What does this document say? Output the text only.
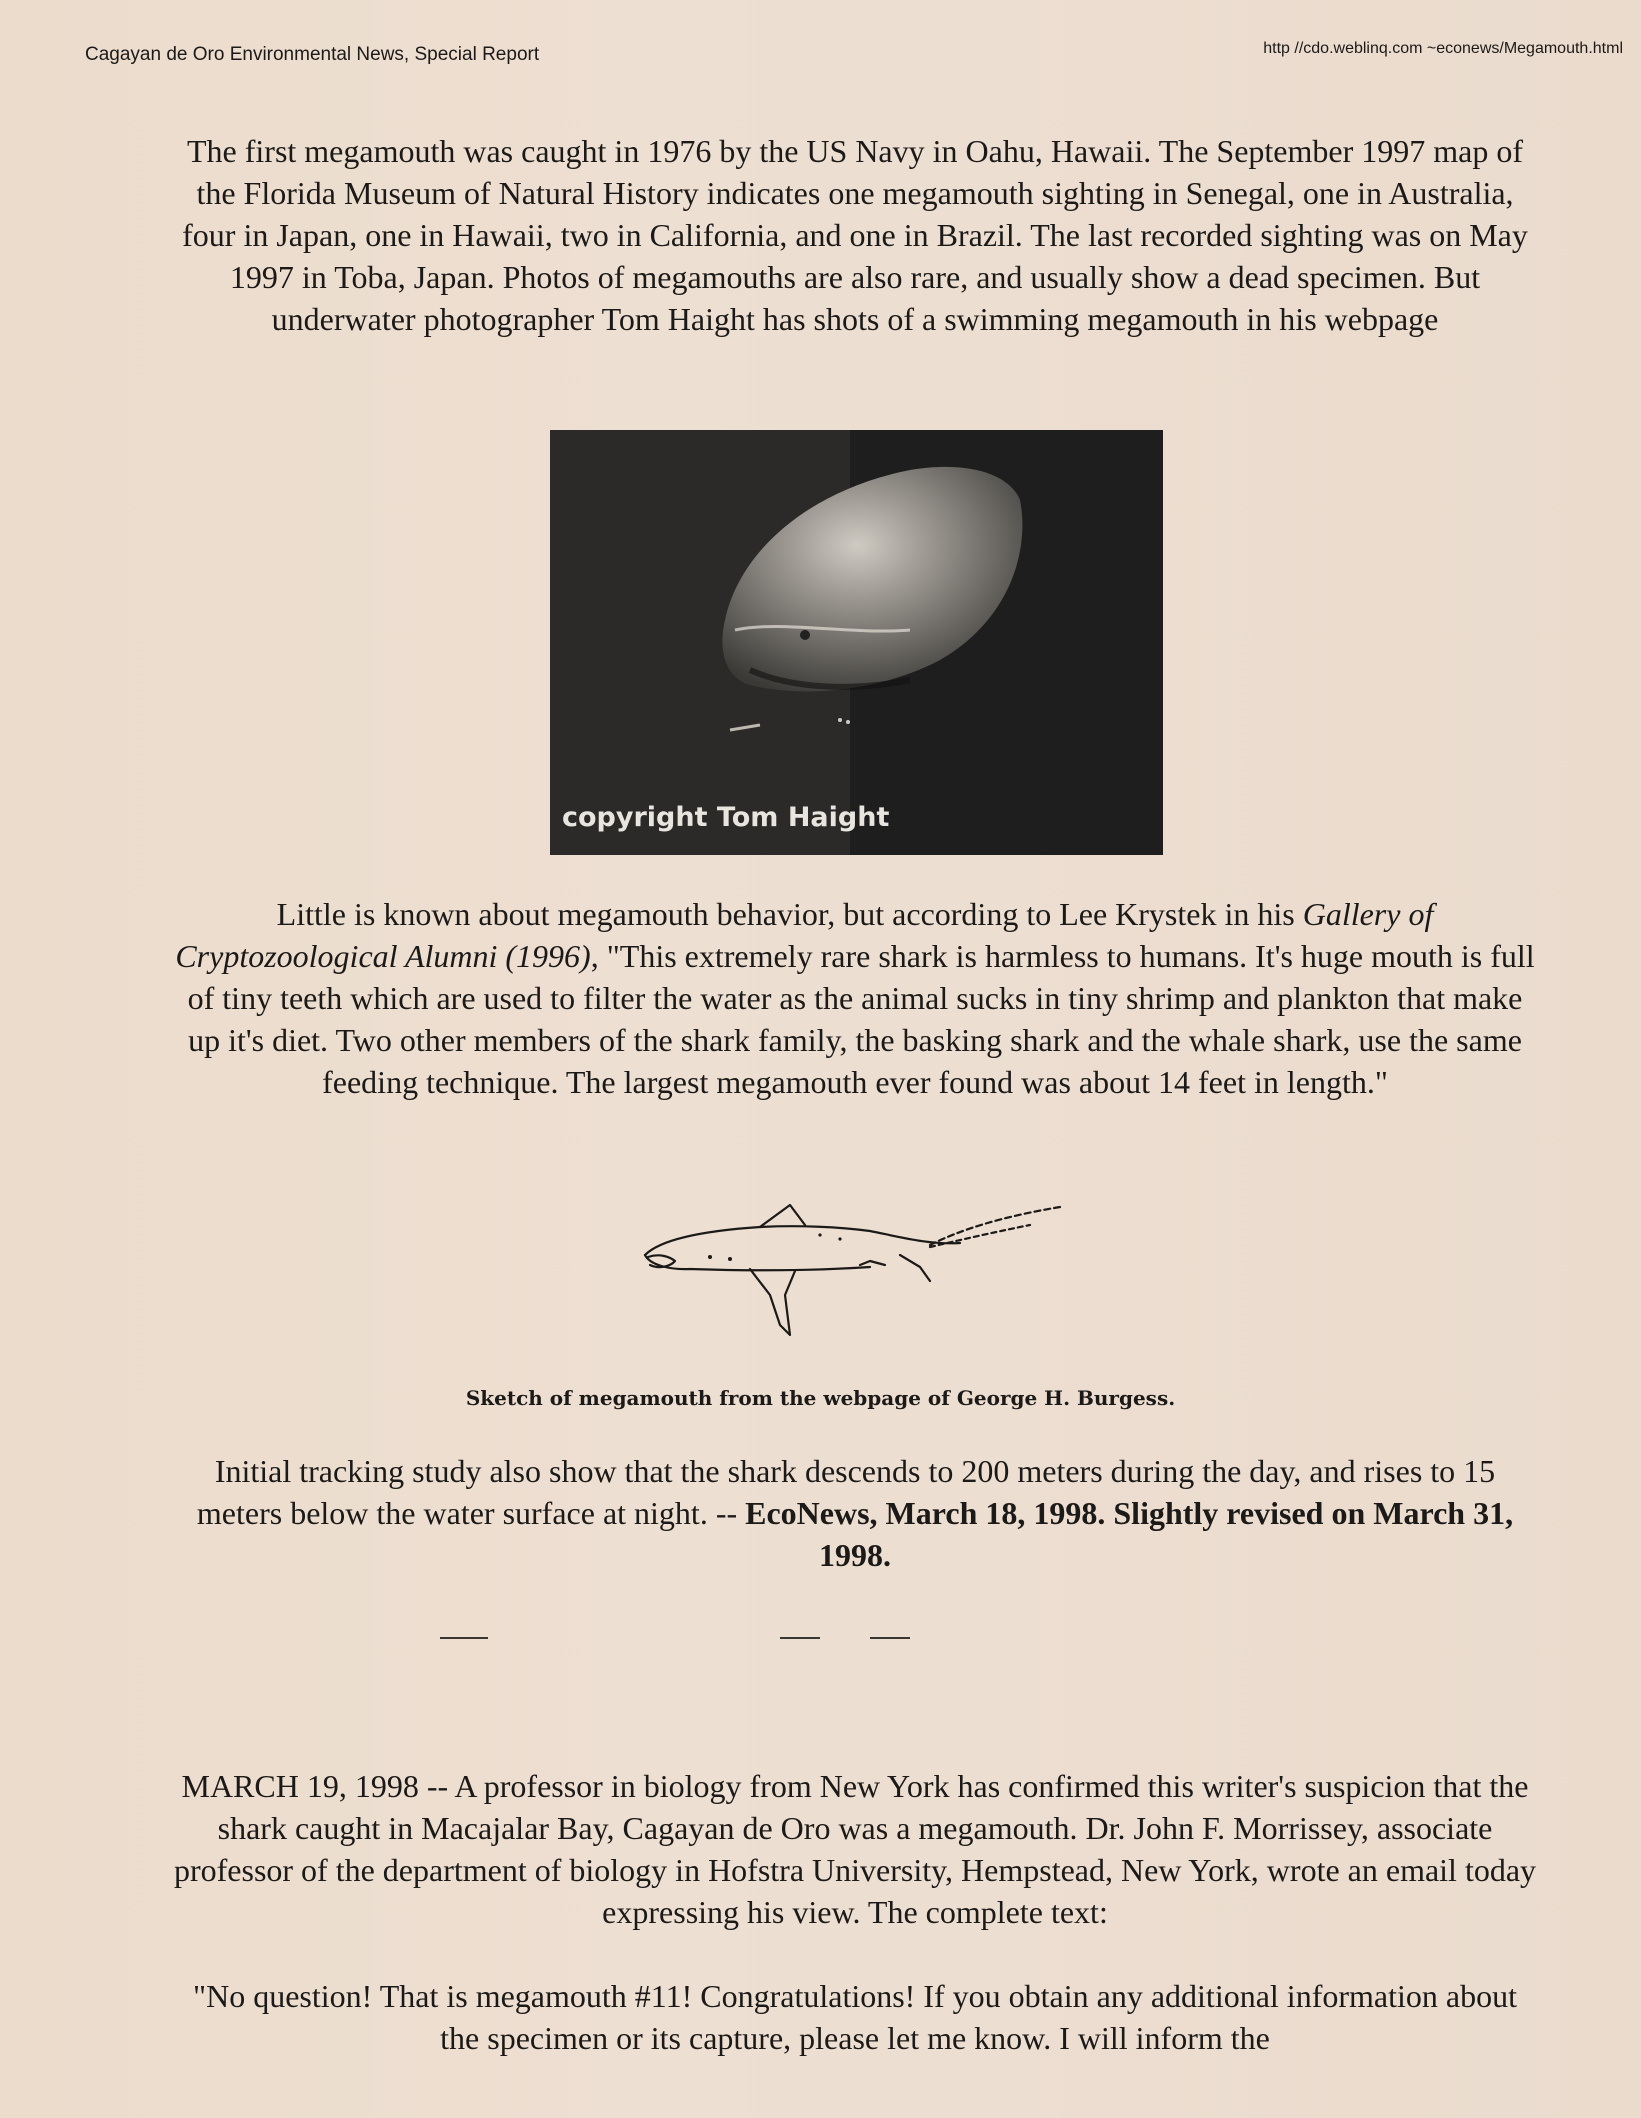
Cagayan de Oro Environmental News, Special Report	http //cdo.weblinq.com ~econews/Megamouth.html
The first megamouth was caught in 1976 by the US Navy in Oahu, Hawaii. The September 1997 map of the Florida Museum of Natural History indicates one megamouth sighting in Senegal, one in Australia, four in Japan, one in Hawaii, two in California, and one in Brazil. The last recorded sighting was on May 1997 in Toba, Japan. Photos of megamouths are also rare, and usually show a dead specimen. But underwater photographer Tom Haight has shots of a swimming megamouth in his webpage
copyright Tom Haight
Little is known about megamouth behavior, but according to Lee Krystek in his Gallery of Cryptozoological Alumni (1996), "This extremely rare shark is harmless to humans. It's huge mouth is full of tiny teeth which are used to filter the water as the animal sucks in tiny shrimp and plankton that make up it's diet. Two other members of the shark family, the basking shark and the whale shark, use the same feeding technique. The largest megamouth ever found was about 14 feet in length."
Sketch of megamouth from the webpage of George H. Burgess.
Initial tracking study also show that the shark descends to 200 meters during the day, and rises to 15 meters below the water surface at night. -- EcoNews, March 18, 1998. Slightly revised on March 31, 1998.
MARCH 19, 1998 -- A professor in biology from New York has confirmed this writer's suspicion that the shark caught in Macajalar Bay, Cagayan de Oro was a megamouth. Dr. John F. Morrissey, associate professor of the department of biology in Hofstra University, Hempstead, New York, wrote an email today expressing his view. The complete text:
"No question! That is megamouth #11! Congratulations! If you obtain any additional information about the specimen or its capture, please let me know. I will inform the
